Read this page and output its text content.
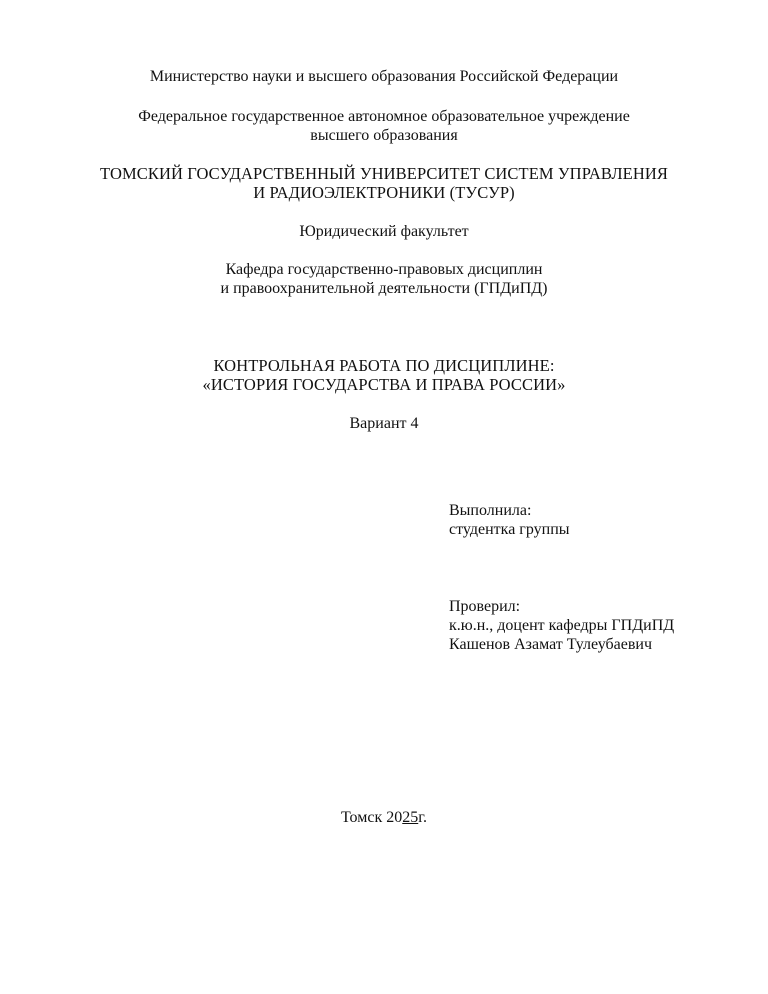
Министерство науки и высшего образования Российской Федерации
Федеральное государственное автономное образовательное учреждение
высшего образования
ТОМСКИЙ ГОСУДАРСТВЕННЫЙ УНИВЕРСИТЕТ СИСТЕМ УПРАВЛЕНИЯ
И РАДИОЭЛЕКТРОНИКИ (ТУСУР)
Юридический факультет
Кафедра государственно-правовых дисциплин
и правоохранительной деятельности (ГПДиПД)
КОНТРОЛЬНАЯ РАБОТА ПО ДИСЦИПЛИНЕ:
«ИСТОРИЯ ГОСУДАРСТВА И ПРАВА РОССИИ»
Вариант 4
Выполнила:
студентка группы
Проверил:
к.ю.н., доцент кафедры ГПДиПД
Кашенов Азамат Тулеубаевич
Томск 2025г.
